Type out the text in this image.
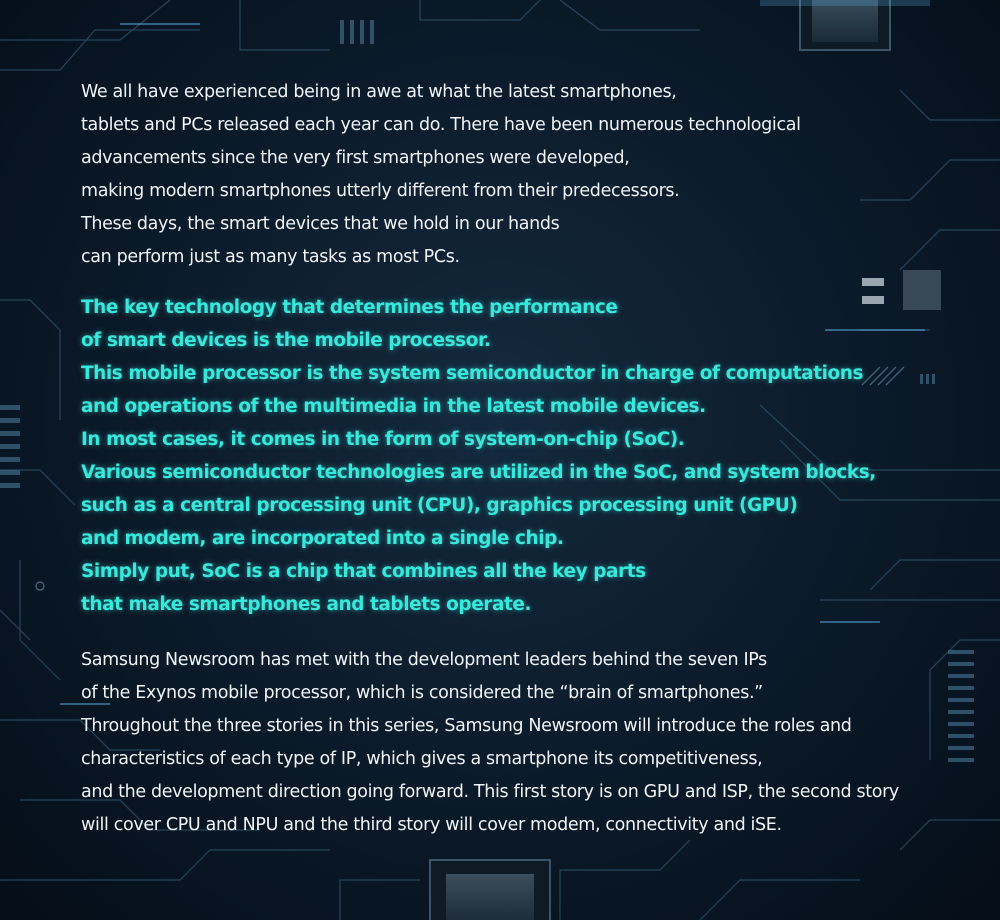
We all have experienced being in awe at what the latest smartphones,
tablets and PCs released each year can do. There have been numerous technological
advancements since the very first smartphones were developed,
making modern smartphones utterly different from their predecessors.
These days, the smart devices that we hold in our hands
can perform just as many tasks as most PCs.

The key technology that determines the performance
of smart devices is the mobile processor.
This mobile processor is the system semiconductor in charge of computations
and operations of the multimedia in the latest mobile devices.
In most cases, it comes in the form of system-on-chip (SoC).
Various semiconductor technologies are utilized in the SoC, and system blocks,
such as a central processing unit (CPU), graphics processing unit (GPU)
and modem, are incorporated into a single chip.
Simply put, SoC is a chip that combines all the key parts
that make smartphones and tablets operate.

Samsung Newsroom has met with the development leaders behind the seven IPs
of the Exynos mobile processor, which is considered the “brain of smartphones.”
Throughout the three stories in this series, Samsung Newsroom will introduce the roles and
characteristics of each type of IP, which gives a smartphone its competitiveness,
and the development direction going forward. This first story is on GPU and ISP, the second story
will cover CPU and NPU and the third story will cover modem, connectivity and iSE.
